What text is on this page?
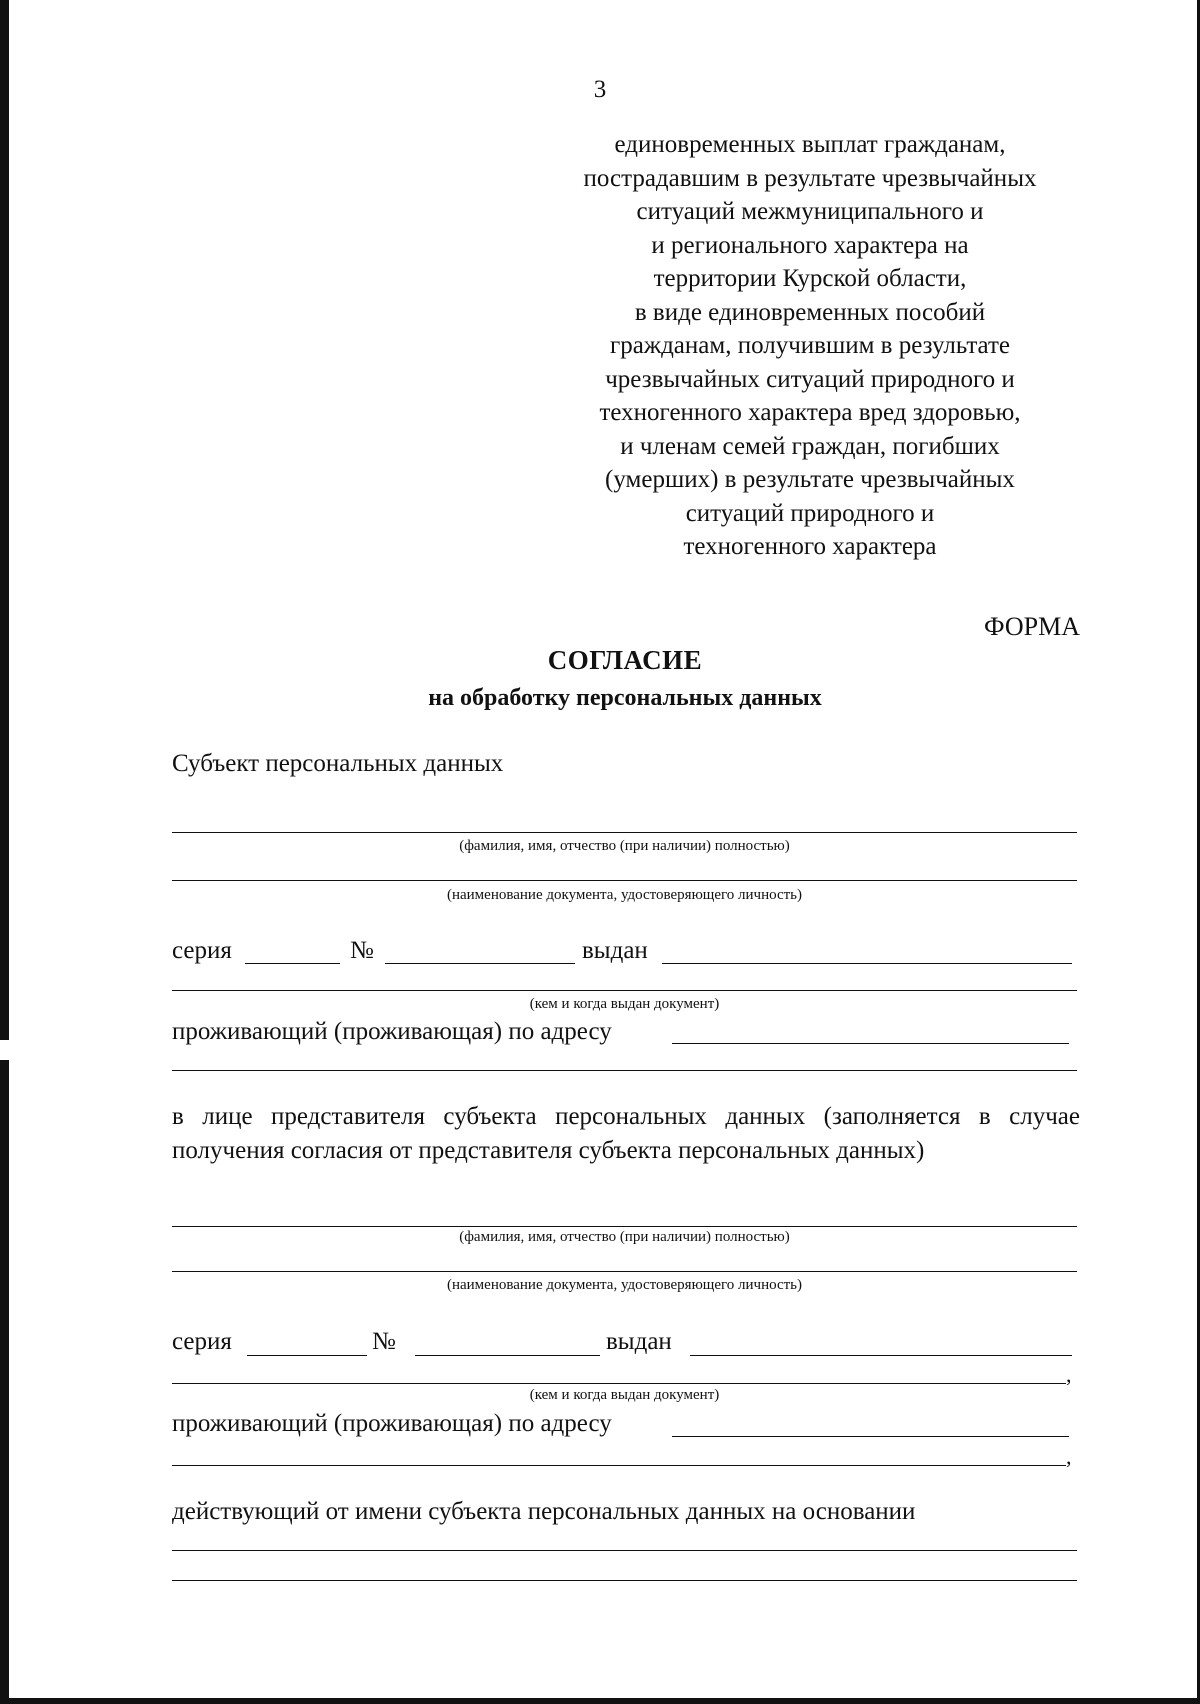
3
единовременных выплат гражданам,
пострадавшим в результате чрезвычайных
ситуаций межмуниципального и
и регионального характера на
территории Курской области,
в виде единовременных пособий
гражданам, получившим в результате
чрезвычайных ситуаций природного и
техногенного характера вред здоровью,
и членам семей граждан, погибших
(умерших) в результате чрезвычайных
ситуаций природного и
техногенного характера
ФОРМА
СОГЛАСИЕ
на обработку персональных данных
Субъект персональных данных
(фамилия, имя, отчество (при наличии) полностью)
(наименование документа, удостоверяющего личность)
серия	№	выдан
(кем и когда выдан документ)
проживающий (проживающая) по адресу
в лице представителя субъекта персональных данных (заполняется в случае получения согласия от представителя субъекта персональных данных)
(фамилия, имя, отчество (при наличии) полностью)
(наименование документа, удостоверяющего личность)
серия	№	выдан
,
(кем и когда выдан документ)
проживающий (проживающая) по адресу
,
действующий от имени субъекта персональных данных на основании
